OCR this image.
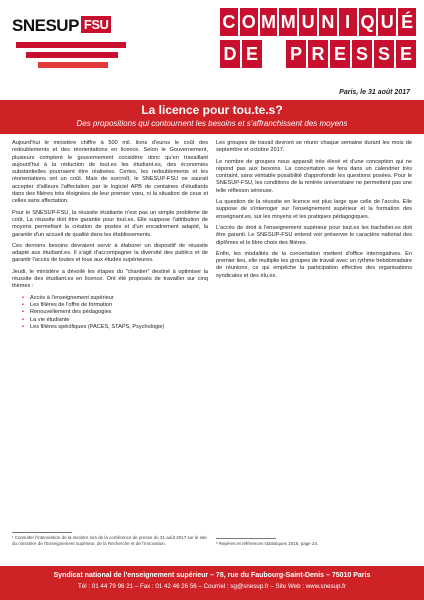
SNESUP FSU	C O M M U N I Q U É
D E P R E S S E
Paris, le 31 août 2017
La licence pour tou.te.s?
Des propositions qui contournent les besoins et s'affranchissent des moyens

Aujourd'hui le ministère chiffre à 500 mil. lions d'euros le coût des redoublements et des réorientations en licence. Selon le Gouvernement, plusieurs comptent le gouvernement considère donc qu'en travaillant aujourd'hui à la réduction de tout.es les étudiant.es, des économies substantielles pourraient être réalisées. Certes, les redoublements et les réorientations ont un coût. Mais de surcroît, le SNESUP-FSU ne saurait accepter d'ailleurs l'affectation par le logiciel APB de centaines d'étudiants dans des filières très éloignées de leur premier vœu, ni la situation de ceux et celles sans affectation.

Pour le SNESUP-FSU, la réussite étudiante n'est pas un simple problème de coût. La réussite doit être garantie pour tout.es. Elle suppose l'attribution de moyens permettant la création de postes et d'un encadrement adapté, la garantie d'un accueil de qualité dans les établissements.

Ces derniers besoins devraient servir à élaborer un dispositif de réussite adapté aux étudiant.es. Il s'agit d'accompagner la diversité des publics et de garantir l'accès de toutes et tous aux études supérieures.

Jeudi, le ministère a dévoilé les étapes du "chantier" destiné à optimiser la réussite des étudiant.es en licence. Ont été proposés de travailler sur cinq thèmes :

▪ Accès à l'enseignement supérieur
▪ Les filières de l'offre de formation
▪ Renouvellement des pédagogies
▪ La vie étudiante
▪ Les filières spécifiques (PACES, STAPS, Psychologie)
¹ Consulter l'intervention de la ministre lors de la conférence de presse du 31 août 2017 sur le site du ministère de l'Enseignement supérieur, de la Recherche et de l'Innovation.

Les groupes de travail devront se réunir chaque semaine durant les mois de septembre et octobre 2017.

Le nombre de groupes nous apparaît très élevé et d'une conception qui ne répond pas aux besoins. La concertation se fera dans un calendrier très contraint, sans véritable possibilité d'approfondir les questions posées. Pour le SNESUP-FSU, les conditions de la rentrée universitaire ne permettent pas une telle réflexion sérieuse.

La question de la réussite en licence est plus large que celle de l'accès. Elle suppose de s'interroger sur l'enseignement supérieur et la formation des enseignant.es, sur les moyens et les pratiques pédagogiques.

L'accès de droit à l'enseignement supérieur pour tout.es les bachelier.es doit être garanti. Le SNESUP-FSU entend voir préserver le caractère national des diplômes et le libre choix des filières.

Enfin, les modalités de la concertation mettent d'office interrogatives. En premier lieu, elle multiplie les groupes de travail avec un rythme hebdomadaire de réunions, ce qui empêche la participation effective des organisations syndicales et des élu.es.

² Repères et références statistiques 2016, page 24.
Syndicat national de l'enseignement supérieur – 78, rue du Faubourg-Saint-Denis – 75010 Paris
Tél : 01 44 79 96 21 – Fax : 01 42 46 26 56 – Courriel : sg@snesup.fr – Site Web : www.snesup.fr
